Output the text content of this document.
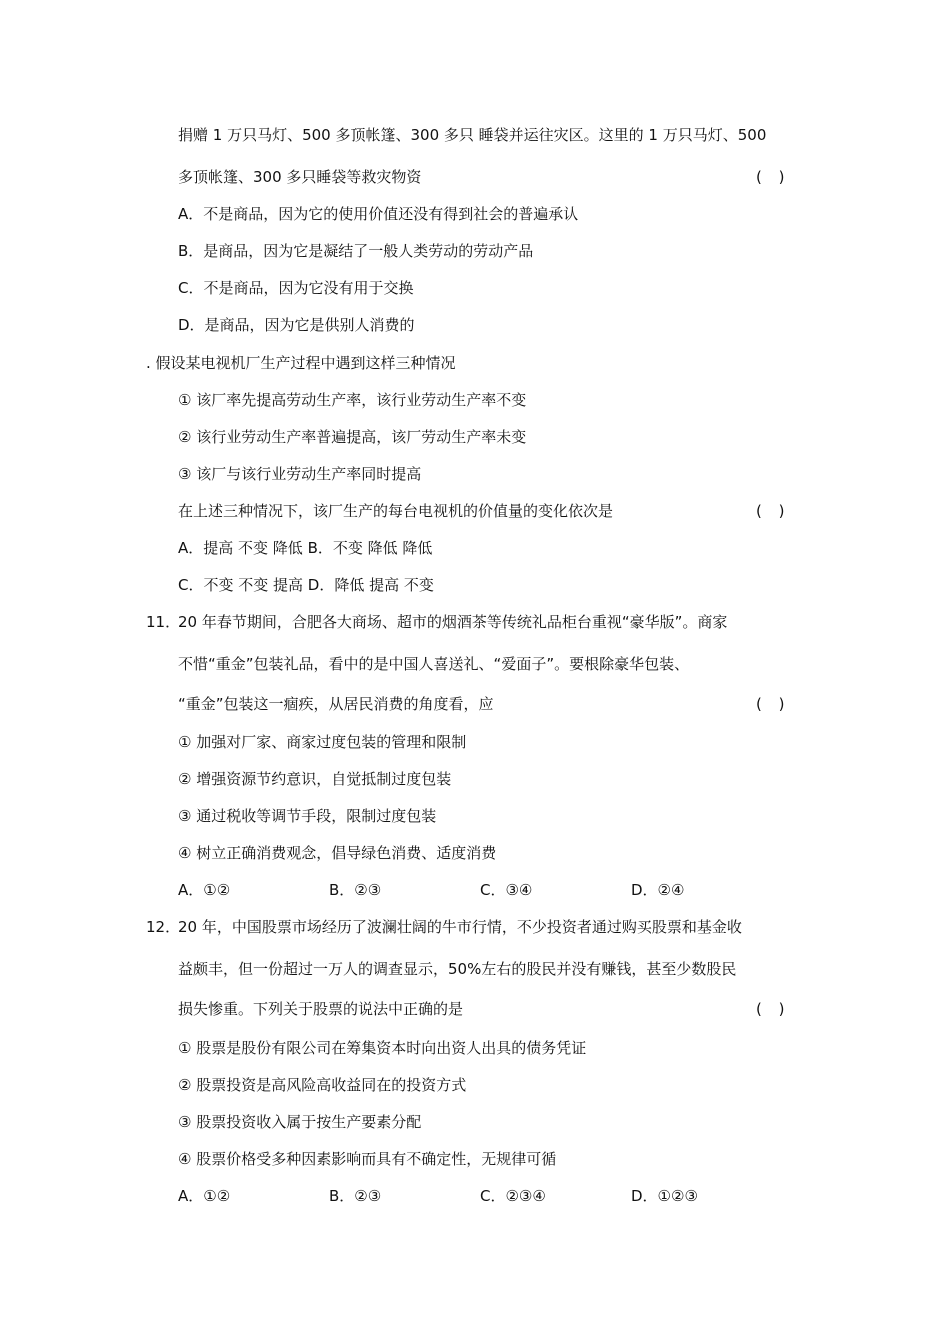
捐赠 1 万只马灯、500 多顶帐篷、300 多只 睡袋并运往灾区。这里的 1 万只马灯、500
多顶帐篷、300 多只睡袋等救灾物资	( )
A．不是商品，因为它的使用价值还没有得到社会的普遍承认
B．是商品，因为它是凝结了一般人类劳动的劳动产品
C．不是商品，因为它没有用于交换
D．是商品，因为它是供别人消费的
. 假设某电视机厂生产过程中遇到这样三种情况
① 该厂率先提高劳动生产率，该行业劳动生产率不变
② 该行业劳动生产率普遍提高，该厂劳动生产率未变
③ 该厂与该行业劳动生产率同时提高
在上述三种情况下，该厂生产的每台电视机的价值量的变化依次是	( )
A．提高 不变 降低 B．不变 降低 降低
C．不变 不变 提高 D．降低 提高 不变
11．
20 年春节期间，合肥各大商场、超市的烟酒茶等传统礼品柜台重视“豪华版”。商家
不惜“重金”包装礼品，看中的是中国人喜送礼、“爱面子”。要根除豪华包装、
“重金”包装这一痼疾，从居民消费的角度看，应	( )
① 加强对厂家、商家过度包装的管理和限制
② 增强资源节约意识，自觉抵制过度包装
③ 通过税收等调节手段，限制过度包装
④ 树立正确消费观念，倡导绿色消费、适度消费
A．①②	B．②③	C．③④	D．②④
12．
20 年，中国股票市场经历了波澜壮阔的牛市行情，不少投资者通过购买股票和基金收
益颇丰，但一份超过一万人的调查显示，50%左右的股民并没有赚钱，甚至少数股民
损失惨重。下列关于股票的说法中正确的是	( )
① 股票是股份有限公司在筹集资本时向出资人出具的债务凭证
② 股票投资是高风险高收益同在的投资方式
③ 股票投资收入属于按生产要素分配
④ 股票价格受多种因素影响而具有不确定性，无规律可循
A．①②	B．②③	C．②③④	D．①②③
